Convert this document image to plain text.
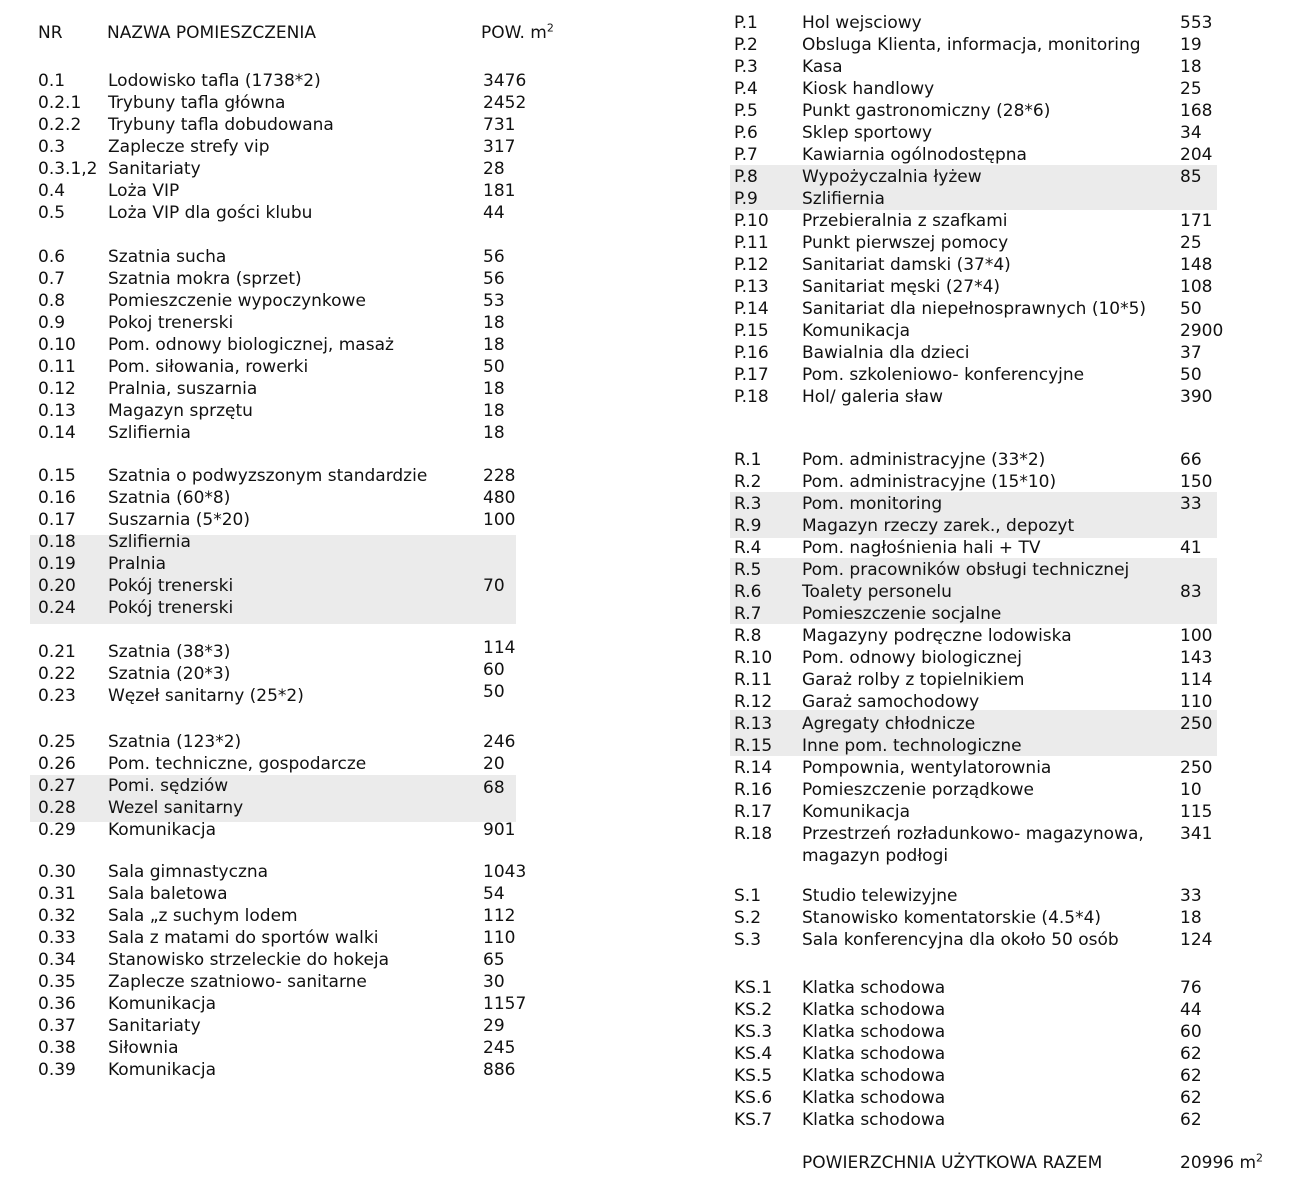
NR	NAZWA POMIESZCZENIA	POW. $m^2$
0.1	Lodowisko tafla (1738*2)	3476
0.2.1 Trybuny tafla główna	2452
0.2.2 Trybuny tafla dobudowana	731
0.3	Zaplecze strefy vip	317
0.3.1,2 Sanitariaty	28
0.4	Loża VIP	181
0.5	Loża VIP dla gości klubu	44
0.6	Szatnia sucha	56
0.7	Szatnia mokra (sprzet)	56
0.8	Pomieszczenie wypoczynkowe	53
0.9	Pokoj trenerski	18
0.10 Pom. odnowy biologicznej, masaż	18
0.11 Pom. siłowania, rowerki	50
0.12 Pralnia, suszarnia	18
0.13 Magazyn sprzętu	18
0.14 Szlifiernia	18
0.15 Szatnia o podwyzszonym standardzie	228
0.16 Szatnia (60*8)	480
0.17 Suszarnia (5*20)	100
0.18 Szlifiernia
0.19 Pralnia
0.20 Pokój trenerski	70
0.24 Pokój trenerski
0.21 Szatnia (38*3)	114
0.22 Szatnia (20*3)	60
0.23 Węzeł sanitarny (25*2)	50
0.25 Szatnia (123*2)	246
0.26 Pom. techniczne, gospodarcze	20
0.27 Pomi. sędziów	68
0.28 Wezel sanitarny
0.29 Komunikacja	901
0.30 Sala gimnastyczna	1043
0.31 Sala baletowa	54
0.32 Sala „z suchym lodem	112
0.33 Sala z matami do sportów walki	110
0.34 Stanowisko strzeleckie do hokeja	65
0.35 Zaplecze szatniowo- sanitarne	30
0.36 Komunikacja	1157
0.37 Sanitariaty	29
0.38 Siłownia	245
0.39 Komunikacja	886
P.1	Hol wejsciowy	553
P.2	Obsluga Klienta, informacja, monitoring 19
P.3	Kasa	18
P.4	Kiosk handlowy	25
P.5	Punkt gastronomiczny (28*6)	168
P.6	Sklep sportowy	34
P.7	Kawiarnia ogólnodostępna	204
P.8	Wypożyczalnia łyżew	85
P.9	Szlifiernia
P.10 Przebieralnia z szafkami	171
P.11 Punkt pierwszej pomocy	25
P.12 Sanitariat damski (37*4)	148
P.13 Sanitariat męski (27*4)	108
P.14 Sanitariat dla niepełnosprawnych (10*5) 50
P.15 Komunikacja	2900
P.16 Bawialnia dla dzieci	37
P.17 Pom. szkoleniowo- konferencyjne	50
P.18 Hol/ galeria sław	390
R.1 Pom. administracyjne (33*2)	66
R.2 Pom. administracyjne (15*10)	150
R.3 Pom. monitoring	33
R.9 Magazyn rzeczy zarek., depozyt
R.4 Pom. nagłośnienia hali + TV	41
R.5 Pom. pracowników obsługi technicznej
R.6 Toalety personelu	83
R.7 Pomieszczenie socjalne
R.8 Magazyny podręczne lodowiska	100
R.10 Pom. odnowy biologicznej	143
R.11 Garaż rolby z topielnikiem	114
R.12 Garaż samochodowy	110
R.13 Agregaty chłodnicze	250
R.15 Inne pom. technologiczne
R.14 Pompownia, wentylatorownia	250
R.16 Pomieszczenie porządkowe	10
R.17 Komunikacja	115
R.18 Przestrzeń rozładunkowo- magazynowa, 341
magazyn podłogi
S.1 Studio telewizyjne	33
S.2 Stanowisko komentatorskie (4.5*4)	18
S.3 Sala konferencyjna dla około 50 osób	124
KS.1 Klatka schodowa	76
KS.2 Klatka schodowa	44
KS.3 Klatka schodowa	60
KS.4 Klatka schodowa	62
KS.5 Klatka schodowa	62
KS.6 Klatka schodowa	62
KS.7 Klatka schodowa	62
POWIERZCHNIA UŻYTKOWA RAZEM	20996 $m^2$
